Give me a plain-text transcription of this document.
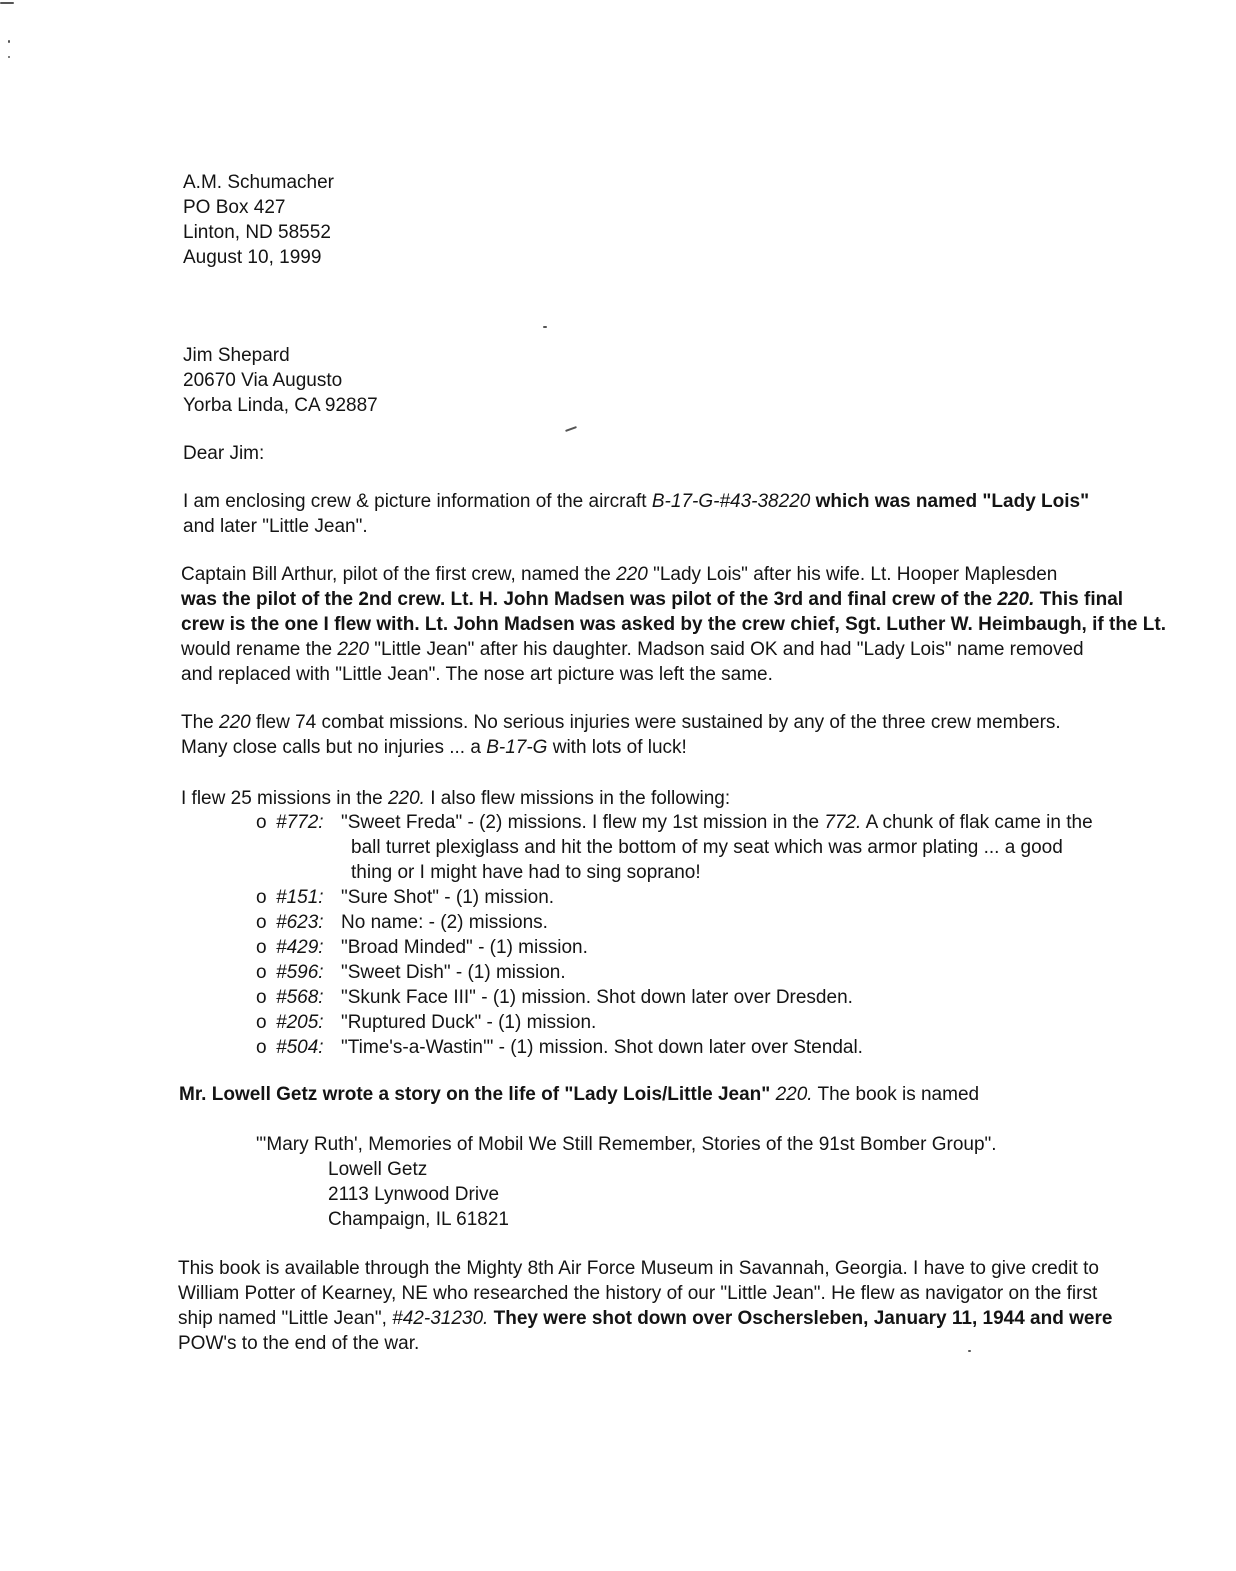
A.M. Schumacher
PO Box 427
Linton, ND 58552
August 10, 1999
Jim Shepard
20670 Via Augusto
Yorba Linda, CA 92887
Dear Jim:
I am enclosing crew & picture information of the aircraft B-17-G-#43-38220 which was named "Lady Lois"
and later "Little Jean".
Captain Bill Arthur, pilot of the first crew, named the 220 "Lady Lois" after his wife. Lt. Hooper Maplesden
was the pilot of the 2nd crew. Lt. H. John Madsen was pilot of the 3rd and final crew of the 220. This final
crew is the one I flew with. Lt. John Madsen was asked by the crew chief, Sgt. Luther W. Heimbaugh, if the Lt.
would rename the 220 "Little Jean" after his daughter. Madson said OK and had "Lady Lois" name removed
and replaced with "Little Jean". The nose art picture was left the same.
The 220 flew 74 combat missions. No serious injuries were sustained by any of the three crew members.
Many close calls but no injuries ... a B-17-G with lots of luck!
I flew 25 missions in the 220. I also flew missions in the following:
o #772: "Sweet Freda" - (2) missions. I flew my 1st mission in the 772. A chunk of flak came in the
ball turret plexiglass and hit the bottom of my seat which was armor plating ... a good
thing or I might have had to sing soprano!
o #151: "Sure Shot" - (1) mission.
o #623: No name: - (2) missions.
o #429: "Broad Minded" - (1) mission.
o #596: "Sweet Dish" - (1) mission.
o #568: "Skunk Face III" - (1) mission. Shot down later over Dresden.
o #205: "Ruptured Duck" - (1) mission.
o #504: "Time's-a-Wastin'" - (1) mission. Shot down later over Stendal.
Mr. Lowell Getz wrote a story on the life of "Lady Lois/Little Jean" 220. The book is named
"'Mary Ruth', Memories of Mobil We Still Remember, Stories of the 91st Bomber Group".
Lowell Getz
2113 Lynwood Drive
Champaign, IL 61821
This book is available through the Mighty 8th Air Force Museum in Savannah, Georgia. I have to give credit to
William Potter of Kearney, NE who researched the history of our "Little Jean". He flew as navigator on the first
ship named "Little Jean", #42-31230. They were shot down over Oschersleben, January 11, 1944 and were
POW's to the end of the war.
